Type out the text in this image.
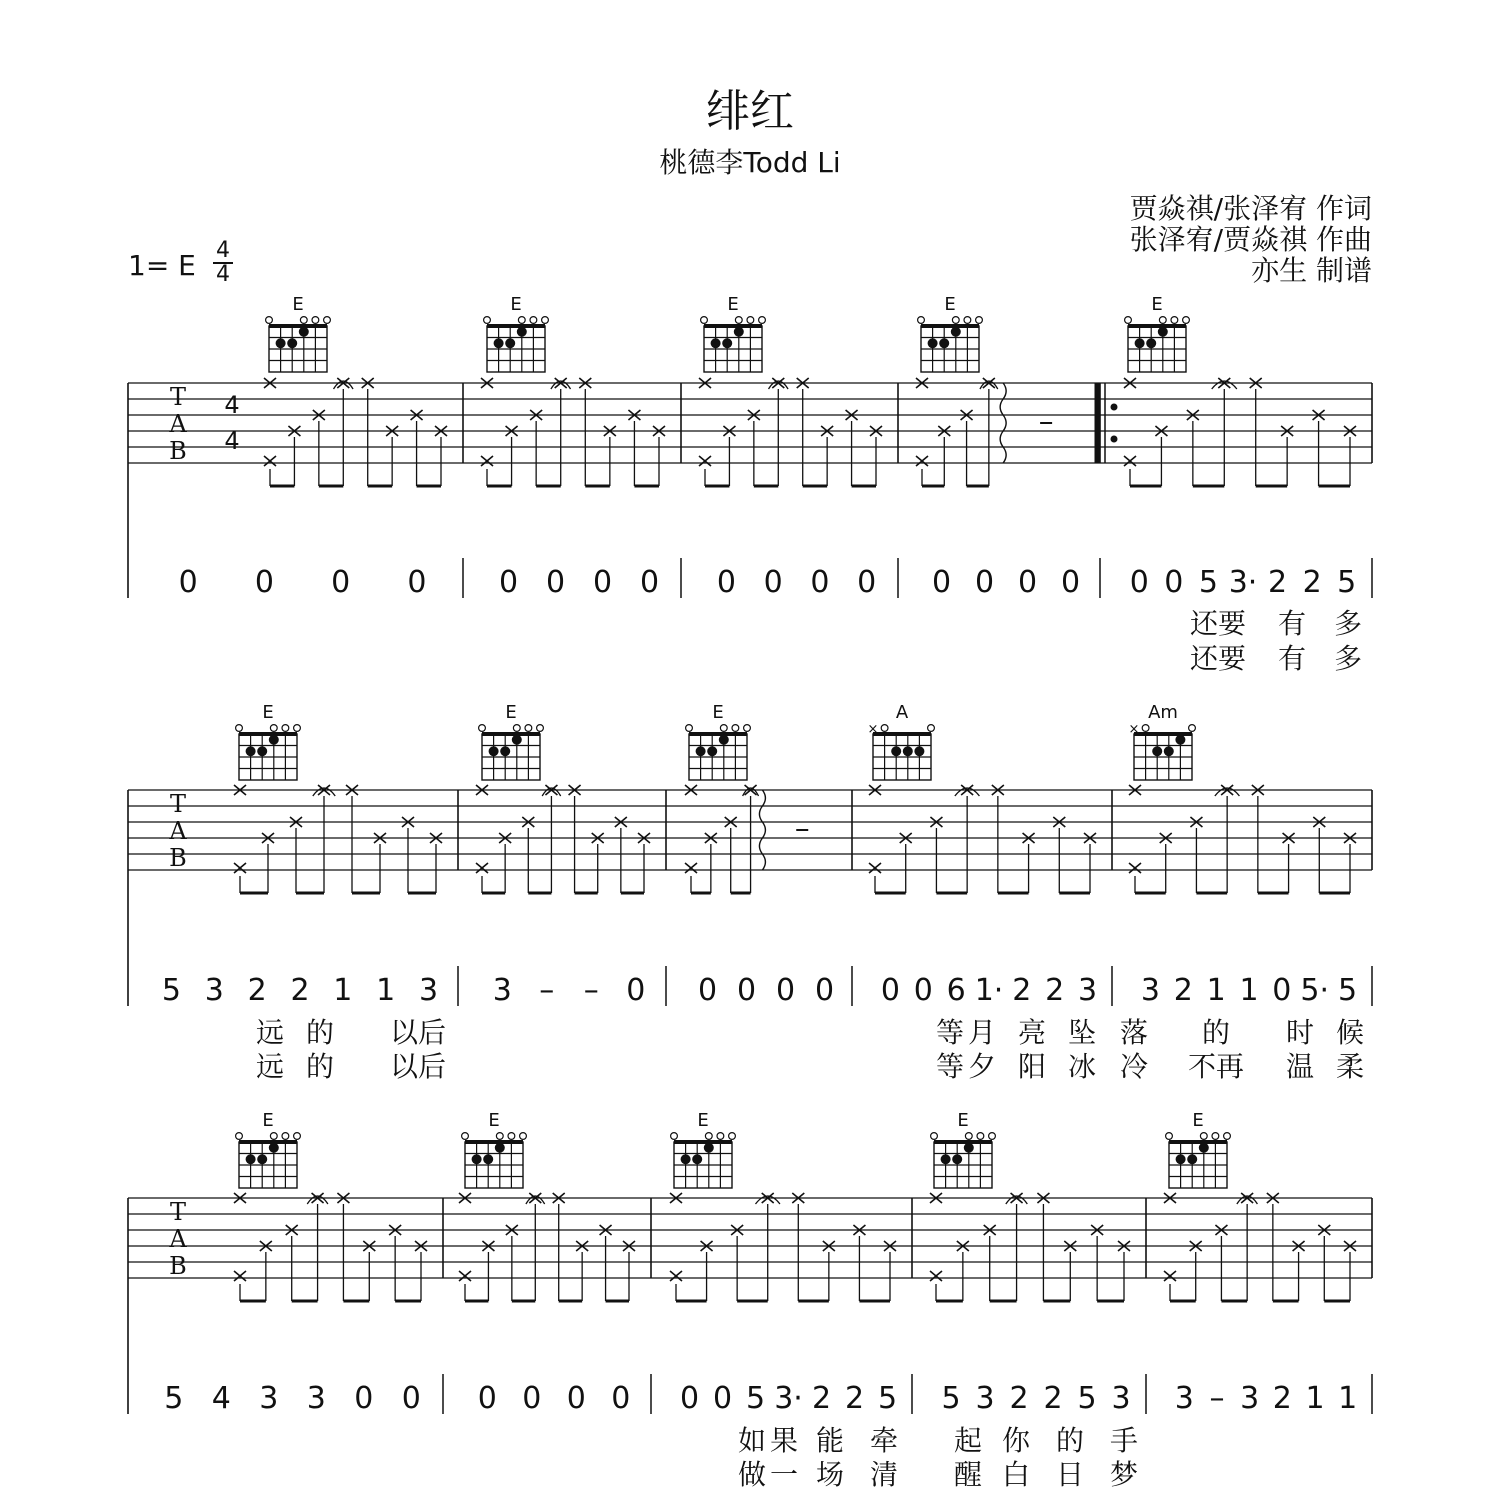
绯红
桃德李Todd Li
贾焱祺/张泽宥 作词
张泽宥/贾焱祺 作曲
亦生 制谱
1= E 4
4
T
A
B
4
4
E
0 0 0 0
E
0 0 0 0
E
0 0 0 0
E
0 0 0 0
E
0 0 5 3· 2 2 5
还要 有 多
还要 有 多
T
A
B
E
5 3 2 2 1 1 3
E
3 – – 0
E
0 0 0 0
A
×
0 0 6 1· 2 2 3
Am
×
3 2 1 1 0 5· 5
远 的 以后	等 月 亮 坠 落 的 时 候
远 的 以后	等 夕 阳 冰 冷 不再 温 柔
T
A
B
E
5 4 3 3 0 0
E
0 0 0 0
E
0 0 5 3· 2 2 5
E
5 3 2 2 5 3
E
3 – 3 2 1 1
如 果 能 牵 起 你 的 手
做 一 场 清 醒 白 日 梦
